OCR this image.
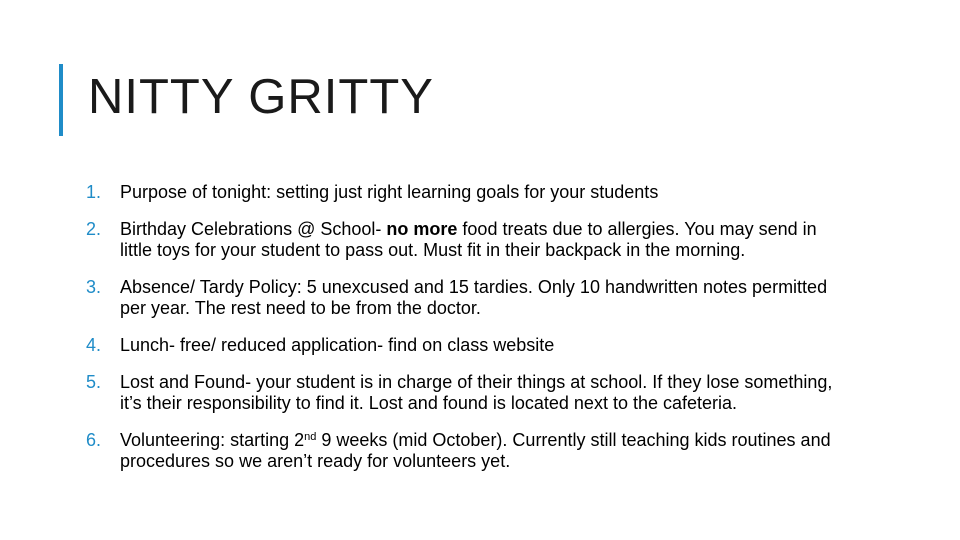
NITTY GRITTY
1. Purpose of tonight: setting just right learning goals for your students
2. Birthday Celebrations @ School- no more food treats due to allergies. You may send in little toys for your student to pass out. Must fit in their backpack in the morning.
3. Absence/ Tardy Policy: 5 unexcused and 15 tardies. Only 10 handwritten notes permitted per year. The rest need to be from the doctor.
4. Lunch- free/ reduced application- find on class website
5. Lost and Found- your student is in charge of their things at school. If they lose something, it’s their responsibility to find it. Lost and found is located next to the cafeteria.
6. Volunteering: starting 2nd 9 weeks (mid October). Currently still teaching kids routines and procedures so we aren’t ready for volunteers yet.
